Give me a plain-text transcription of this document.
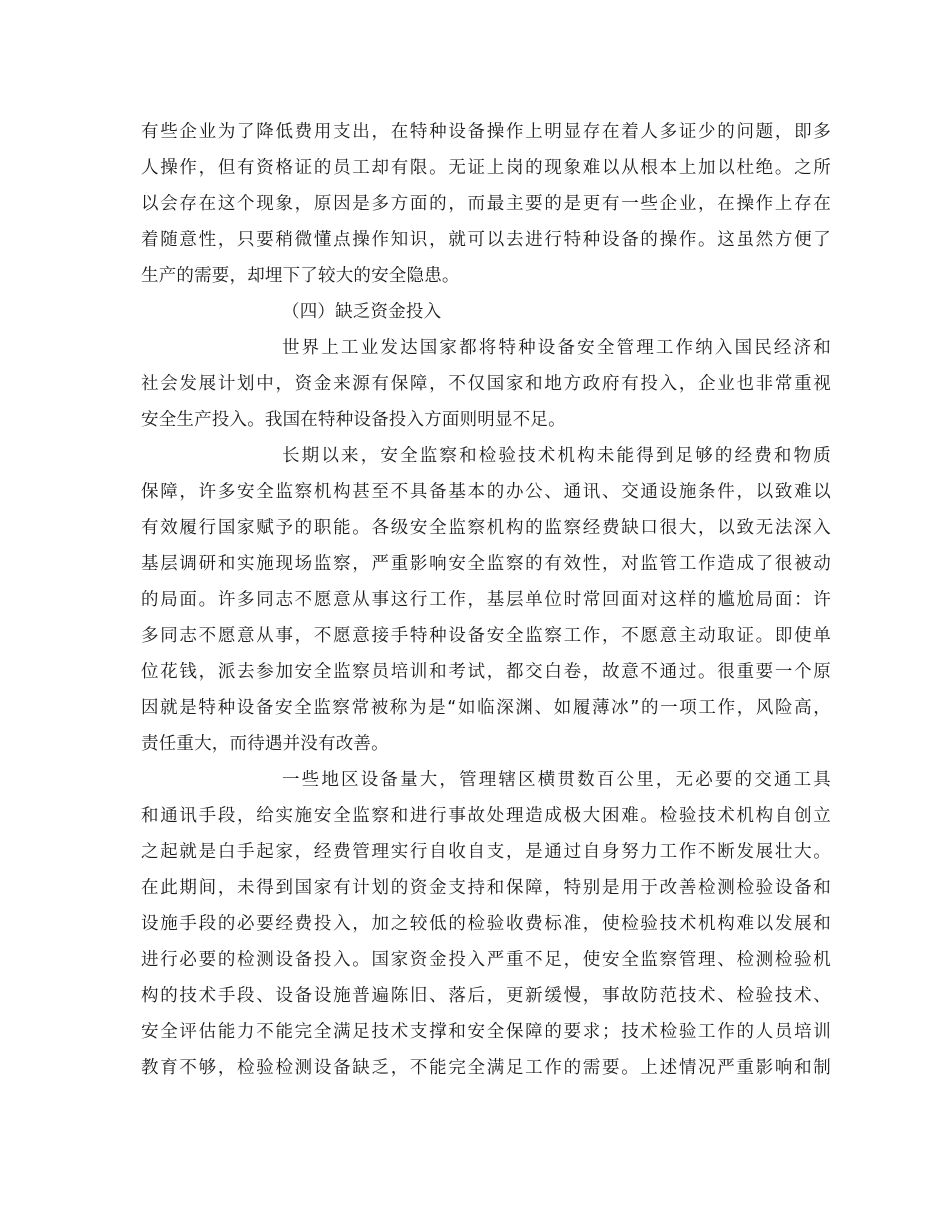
有些企业为了降低费用支出，在特种设备操作上明显存在着人多证少的问题，即多
人操作，但有资格证的员工却有限。无证上岗的现象难以从根本上加以杜绝。之所
以会存在这个现象，原因是多方面的，而最主要的是更有一些企业，在操作上存在
着随意性，只要稍微懂点操作知识，就可以去进行特种设备的操作。这虽然方便了
生产的需要，却埋下了较大的安全隐患。
（四）缺乏资金投入
世界上工业发达国家都将特种设备安全管理工作纳入国民经济和
社会发展计划中，资金来源有保障，不仅国家和地方政府有投入，企业也非常重视
安全生产投入。我国在特种设备投入方面则明显不足。
长期以来，安全监察和检验技术机构未能得到足够的经费和物质
保障，许多安全监察机构甚至不具备基本的办公、通讯、交通设施条件，以致难以
有效履行国家赋予的职能。各级安全监察机构的监察经费缺口很大，以致无法深入
基层调研和实施现场监察，严重影响安全监察的有效性，对监管工作造成了很被动
的局面。许多同志不愿意从事这行工作，基层单位时常回面对这样的尴尬局面：许
多同志不愿意从事，不愿意接手特种设备安全监察工作，不愿意主动取证。即使单
位花钱，派去参加安全监察员培训和考试，都交白卷，故意不通过。很重要一个原
因就是特种设备安全监察常被称为是“如临深渊、如履薄冰”的一项工作，风险高，
责任重大，而待遇并没有改善。
一些地区设备量大，管理辖区横贯数百公里，无必要的交通工具
和通讯手段，给实施安全监察和进行事故处理造成极大困难。检验技术机构自创立
之起就是白手起家，经费管理实行自收自支，是通过自身努力工作不断发展壮大。
在此期间，未得到国家有计划的资金支持和保障，特别是用于改善检测检验设备和
设施手段的必要经费投入，加之较低的检验收费标准，使检验技术机构难以发展和
进行必要的检测设备投入。国家资金投入严重不足，使安全监察管理、检测检验机
构的技术手段、设备设施普遍陈旧、落后，更新缓慢，事故防范技术、检验技术、
安全评估能力不能完全满足技术支撑和安全保障的要求；技术检验工作的人员培训
教育不够，检验检测设备缺乏，不能完全满足工作的需要。上述情况严重影响和制
